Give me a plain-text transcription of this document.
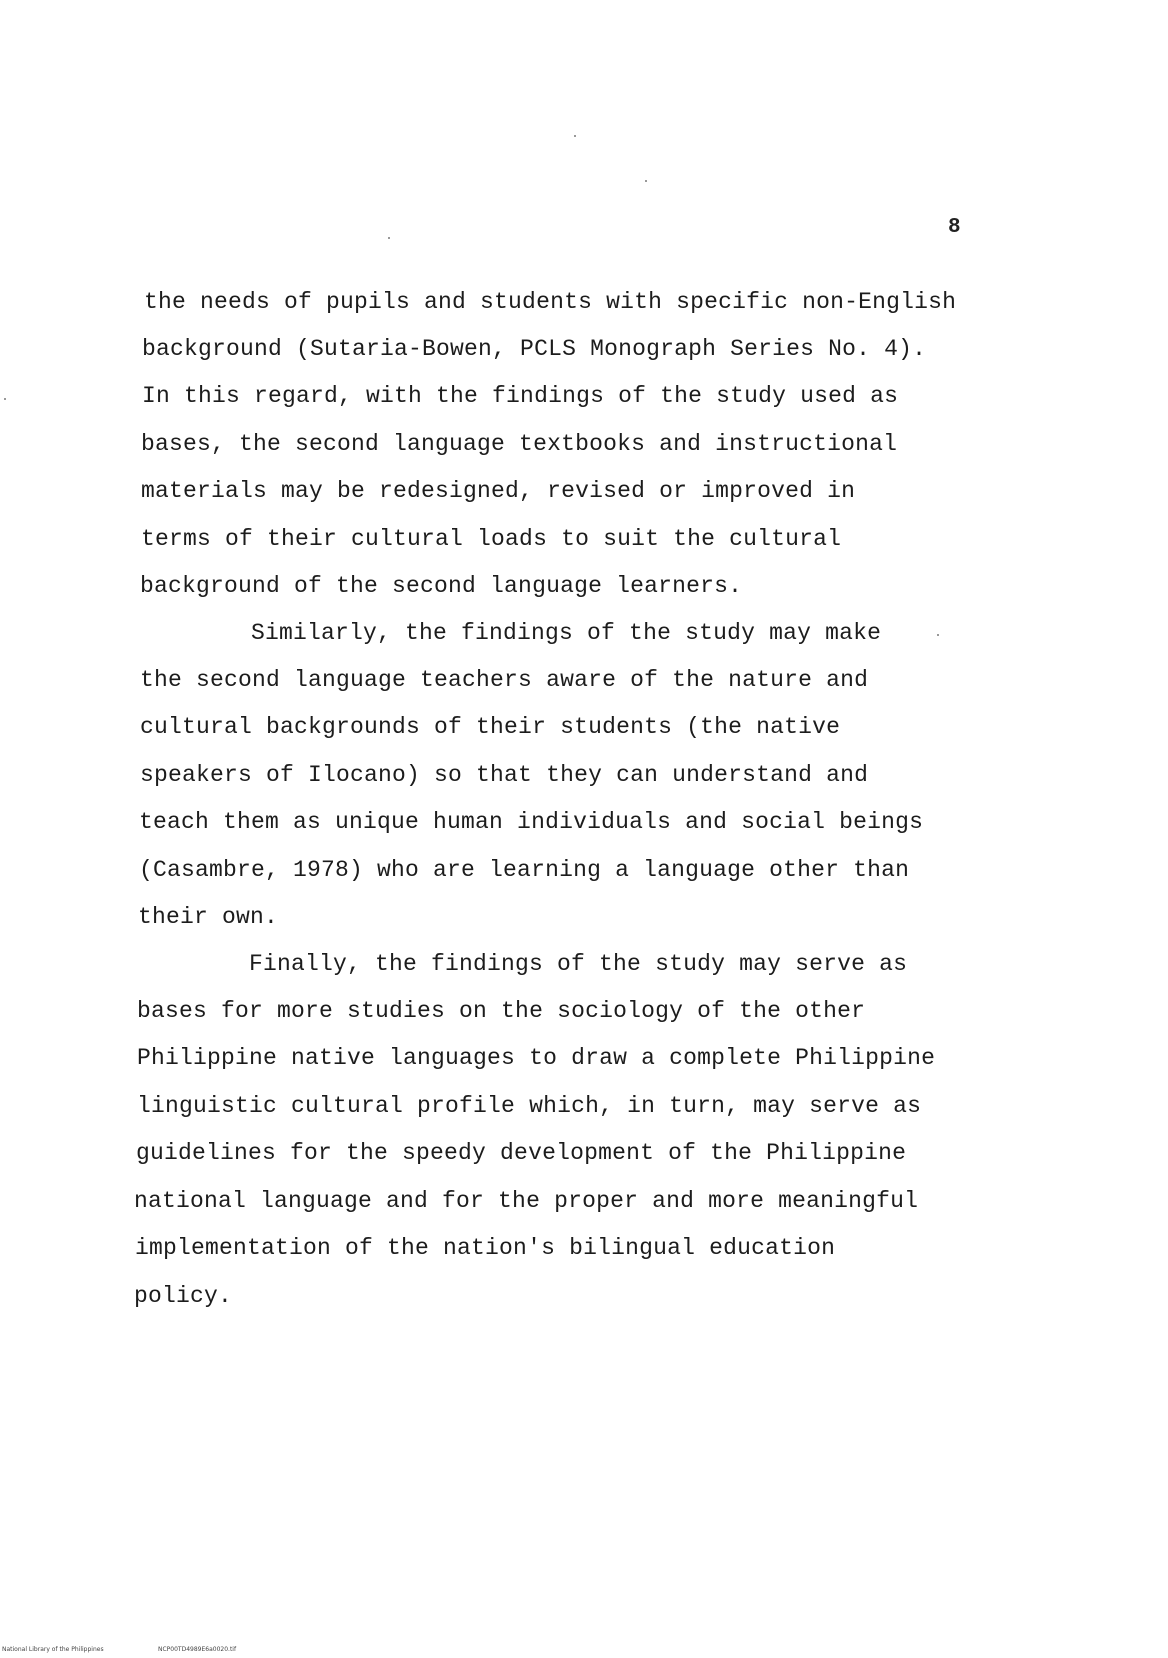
8
the needs of pupils and students with specific non-English
background (Sutaria-Bowen, PCLS Monograph Series No. 4).
In this regard, with the findings of the study used as
bases, the second language textbooks and instructional
materials may be redesigned, revised or improved in
terms of their cultural loads to suit the cultural
background of the second language learners.
Similarly, the findings of the study may make
the second language teachers aware of the nature and
cultural backgrounds of their students (the native
speakers of Ilocano) so that they can understand and
teach them as unique human individuals and social beings
(Casambre, 1978) who are learning a language other than
their own.
Finally, the findings of the study may serve as
bases for more studies on the sociology of the other
Philippine native languages to draw a complete Philippine
linguistic cultural profile which, in turn, may serve as
guidelines for the speedy development of the Philippine
national language and for the proper and more meaningful
implementation of the nation's bilingual education
policy.
National Library of the Philippines	NCP00TD4989E6a0020.tif
